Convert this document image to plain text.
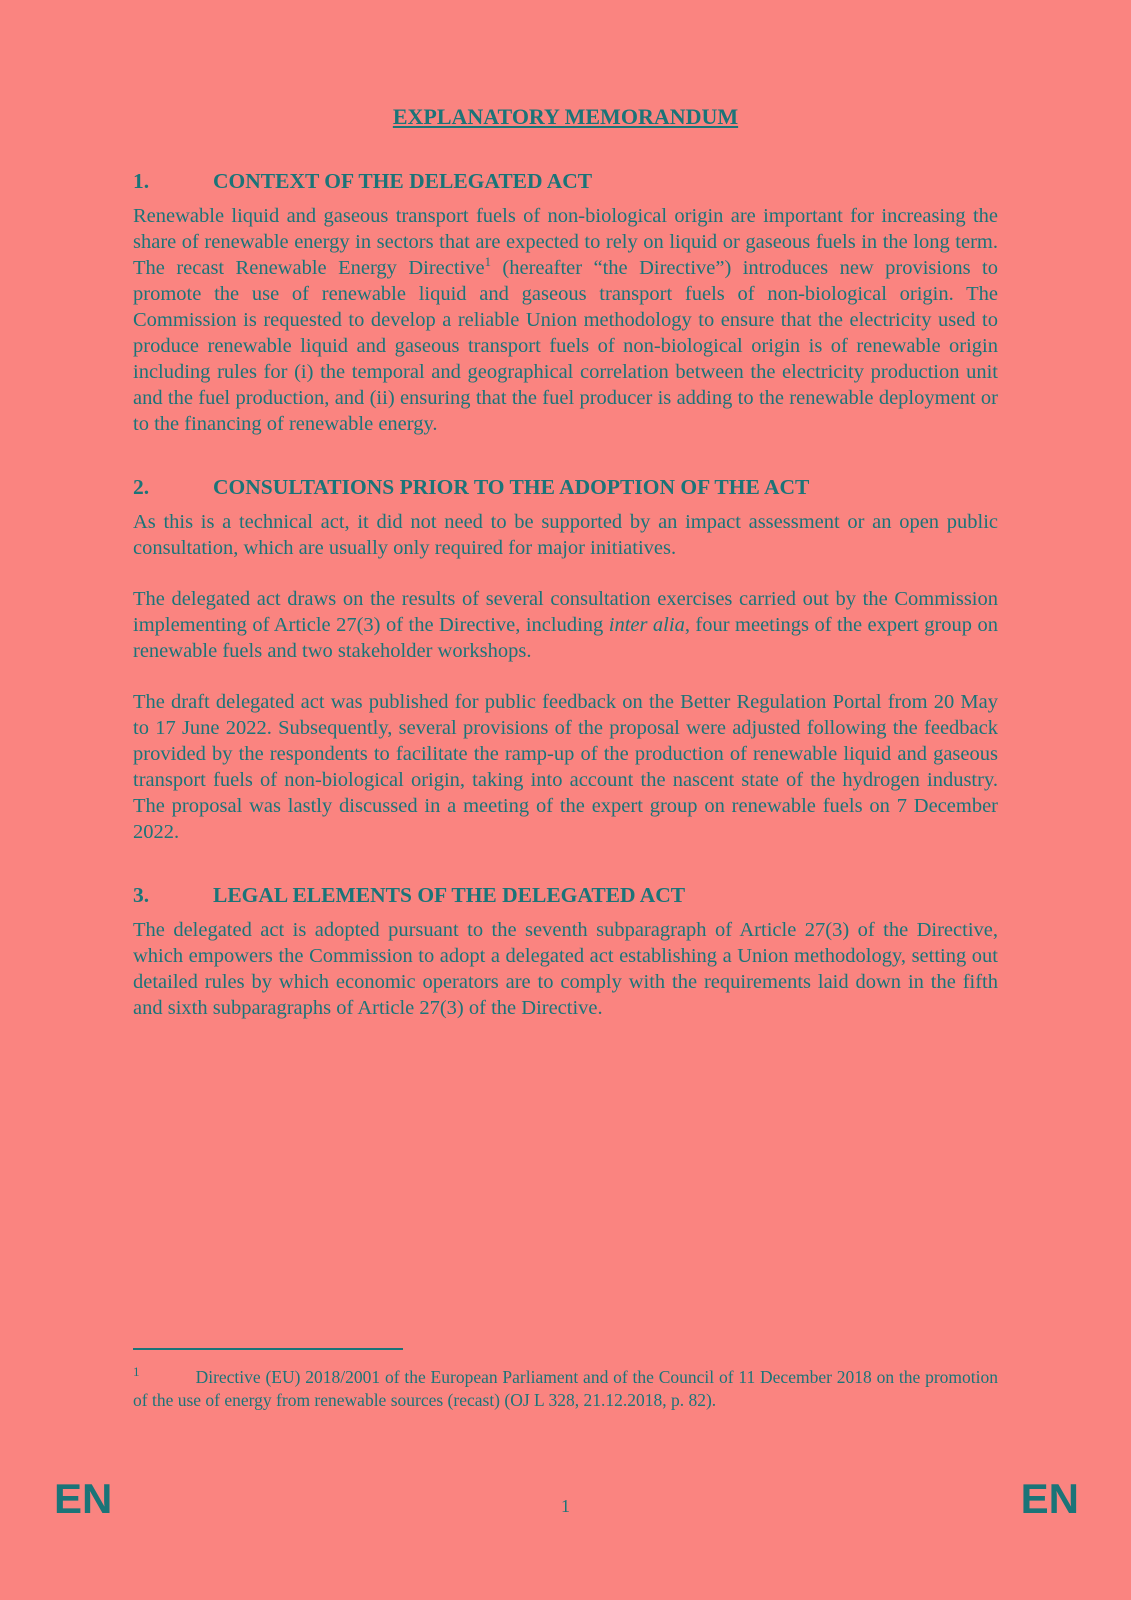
EXPLANATORY MEMORANDUM
1.	CONTEXT OF THE DELEGATED ACT

Renewable liquid and gaseous transport fuels of non-biological origin are important for increasing the share of renewable energy in sectors that are expected to rely on liquid or gaseous fuels in the long term. The recast Renewable Energy Directive$^1$ (hereafter “the Directive”) introduces new provisions to promote the use of renewable liquid and gaseous transport fuels of non-biological origin. The Commission is requested to develop a reliable Union methodology to ensure that the electricity used to produce renewable liquid and gaseous transport fuels of non-biological origin is of renewable origin including rules for (i) the temporal and geographical correlation between the electricity production unit and the fuel production, and (ii) ensuring that the fuel producer is adding to the renewable deployment or to the financing of renewable energy.

2.	CONSULTATIONS PRIOR TO THE ADOPTION OF THE ACT

As this is a technical act, it did not need to be supported by an impact assessment or an open public consultation, which are usually only required for major initiatives.

The delegated act draws on the results of several consultation exercises carried out by the Commission implementing of Article 27(3) of the Directive, including inter alia, four meetings of the expert group on renewable fuels and two stakeholder workshops.

The draft delegated act was published for public feedback on the Better Regulation Portal from 20 May to 17 June 2022. Subsequently, several provisions of the proposal were adjusted following the feedback provided by the respondents to facilitate the ramp-up of the production of renewable liquid and gaseous transport fuels of non-biological origin, taking into account the nascent state of the hydrogen industry. The proposal was lastly discussed in a meeting of the expert group on renewable fuels on 7 December 2022.

3.	LEGAL ELEMENTS OF THE DELEGATED ACT

The delegated act is adopted pursuant to the seventh subparagraph of Article 27(3) of the Directive, which empowers the Commission to adopt a delegated act establishing a Union methodology, setting out detailed rules by which economic operators are to comply with the requirements laid down in the fifth and sixth subparagraphs of Article 27(3) of the Directive.

$^1$	Directive (EU) 2018/2001 of the European Parliament and of the Council of 11 December 2018 on the promotion of the use of energy from renewable sources (recast) (OJ L 328, 21.12.2018, p. 82).

EN	1	EN
